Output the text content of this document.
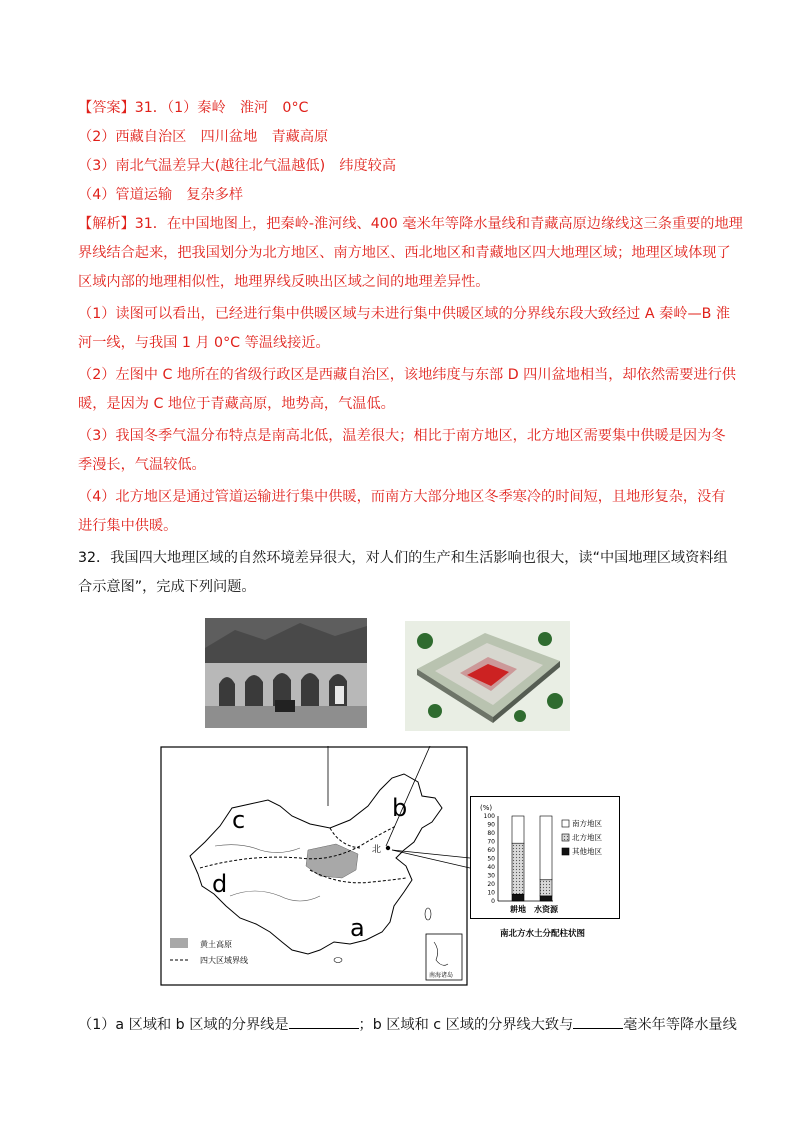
【答案】31．（1）秦岭　淮河　0°C
（2）西藏自治区　四川盆地　青藏高原
（3）南北气温差异大(越往北气温越低)　纬度较高
（4）管道运输　复杂多样
【解析】31．在中国地图上，把秦岭-淮河线、400 毫米年等降水量线和青藏高原边缘线这三条重要的地理
界线结合起来，把我国划分为北方地区、南方地区、西北地区和青藏地区四大地理区域；地理区域体现了
区域内部的地理相似性，地理界线反映出区域之间的地理差异性。
（1）读图可以看出，已经进行集中供暖区域与未进行集中供暖区域的分界线东段大致经过 A 秦岭—B 淮
河一线，与我国 1 月 0°C 等温线接近。
（2）左图中 C 地所在的省级行政区是西藏自治区，该地纬度与东部 D 四川盆地相当，却依然需要进行供
暖，是因为 C 地位于青藏高原，地势高，气温低。
（3）我国冬季气温分布特点是南高北低，温差很大；相比于南方地区，北方地区需要集中供暖是因为冬
季漫长，气温较低。
（4）北方地区是通过管道运输进行集中供暖，而南方大部分地区冬季寒冷的时间短，且地形复杂，没有
进行集中供暖。
32．我国四大地理区域的自然环境差异很大，对人们的生产和生活影响也很大，读“中国地理区域资料组
合示意图”，完成下列问题。
北
c
d
b
a
黄土高原
四大区域界线
南海诸岛
(%)
0
10
20
30
40
50
60
70
80
90
100
耕地 水资源
南方地区
北方地区
其他地区
南北方水土分配柱状图
（1）a 区域和 b 区域的分界线是	；b 区域和 c 区域的分界线大致与	毫米年等降水量线
